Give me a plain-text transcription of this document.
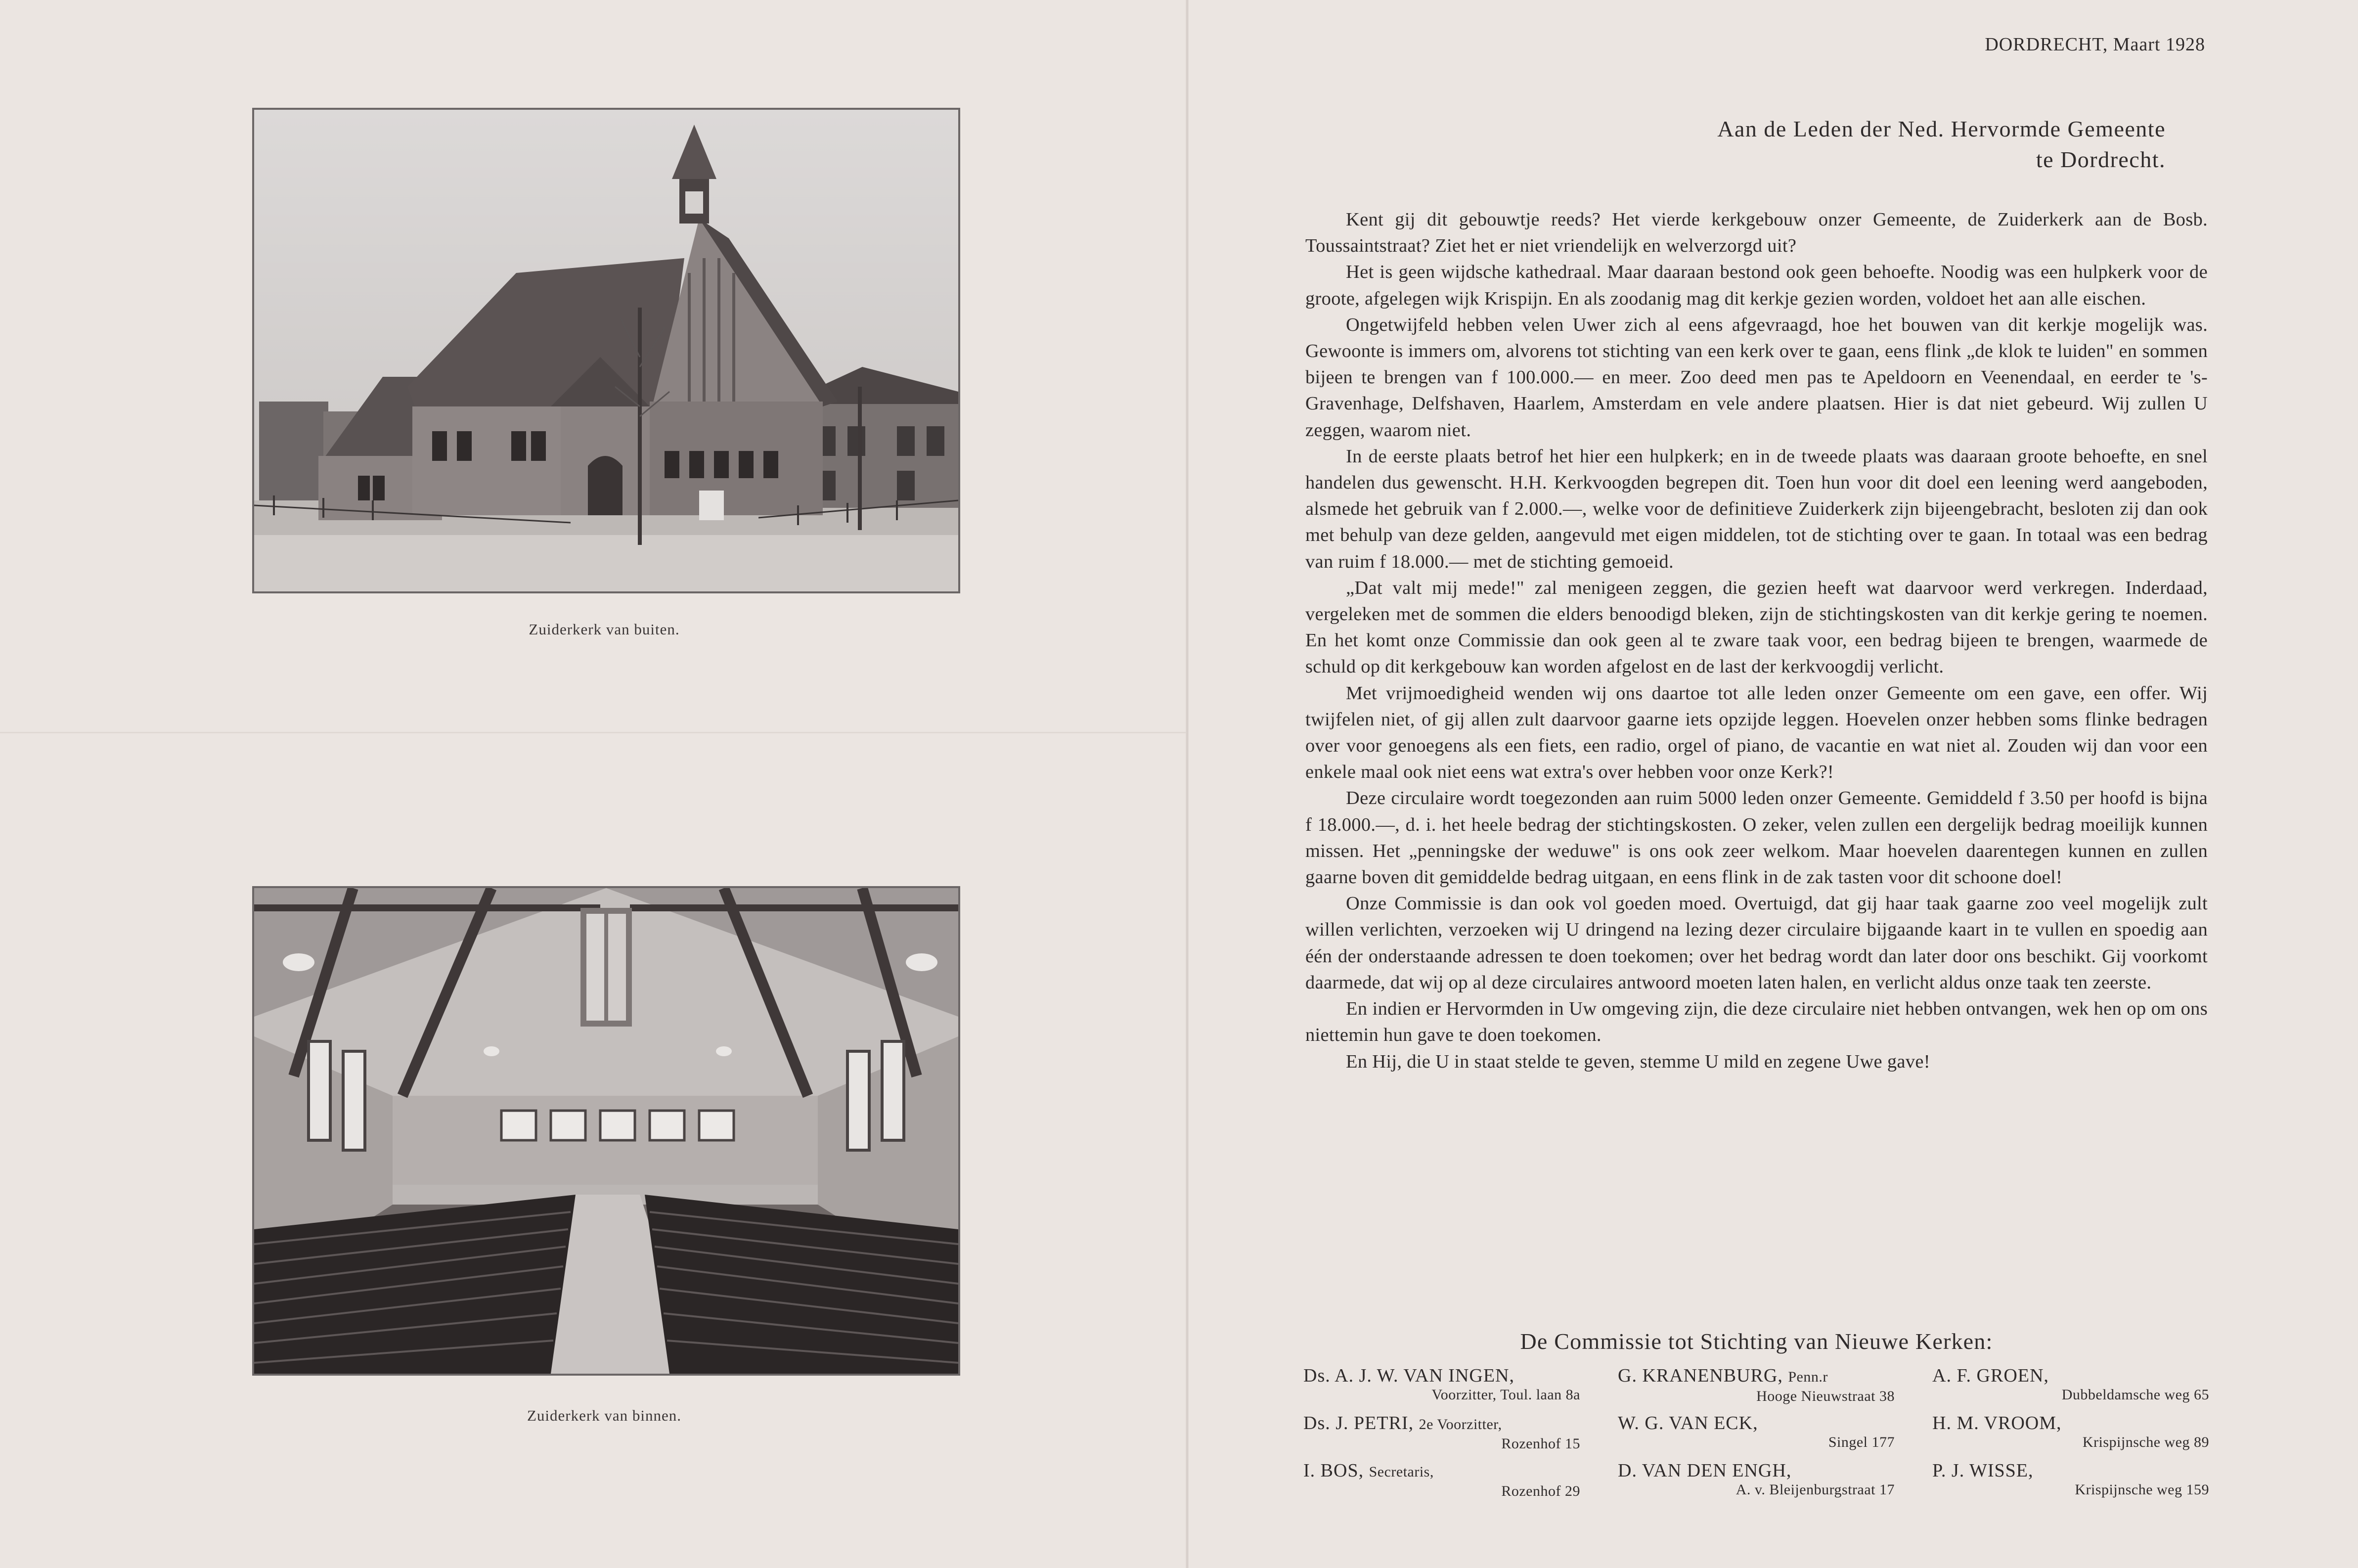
Zuiderkerk van buiten.
Zuiderkerk van binnen.
DORDRECHT, Maart 1928
Aan de Leden der Ned. Hervormde Gemeente
te Dordrecht.

Kent gij dit gebouwtje reeds? Het vierde kerkgebouw onzer Gemeente, de Zuiderkerk aan de Bosb. Toussaintstraat? Ziet het er niet vriendelijk en welverzorgd uit?

Het is geen wijdsche kathedraal. Maar daaraan bestond ook geen behoefte. Noodig was een hulpkerk voor de groote, afgelegen wijk Krispijn. En als zoodanig mag dit kerkje gezien worden, voldoet het aan alle eischen.

Ongetwijfeld hebben velen Uwer zich al eens afgevraagd, hoe het bouwen van dit kerkje mogelijk was. Gewoonte is immers om, alvorens tot stichting van een kerk over te gaan, eens flink „de klok te luiden" en sommen bijeen te brengen van f 100.000.— en meer. Zoo deed men pas te Apeldoorn en Veenendaal, en eerder te 's-Gravenhage, Delfshaven, Haarlem, Amsterdam en vele andere plaatsen. Hier is dat niet gebeurd. Wij zullen U zeggen, waarom niet.

In de eerste plaats betrof het hier een hulpkerk; en in de tweede plaats was daaraan groote behoefte, en snel handelen dus gewenscht. H.H. Kerkvoogden begrepen dit. Toen hun voor dit doel een leening werd aangeboden, alsmede het gebruik van f 2.000.—, welke voor de definitieve Zuiderkerk zijn bijeengebracht, besloten zij dan ook met behulp van deze gelden, aangevuld met eigen middelen, tot de stichting over te gaan. In totaal was een bedrag van ruim f 18.000.— met de stichting gemoeid.

„Dat valt mij mede!" zal menigeen zeggen, die gezien heeft wat daarvoor werd verkregen. Inderdaad, vergeleken met de sommen die elders benoodigd bleken, zijn de stichtingskosten van dit kerkje gering te noemen. En het komt onze Commissie dan ook geen al te zware taak voor, een bedrag bijeen te brengen, waarmede de schuld op dit kerkgebouw kan worden afgelost en de last der kerkvoogdij verlicht.

Met vrijmoedigheid wenden wij ons daartoe tot alle leden onzer Gemeente om een gave, een offer. Wij twijfelen niet, of gij allen zult daarvoor gaarne iets opzijde leggen. Hoevelen onzer hebben soms flinke bedragen over voor genoegens als een fiets, een radio, orgel of piano, de vacantie en wat niet al. Zouden wij dan voor een enkele maal ook niet eens wat extra's over hebben voor onze Kerk?!

Deze circulaire wordt toegezonden aan ruim 5000 leden onzer Gemeente. Gemiddeld f 3.50 per hoofd is bijna f 18.000.—, d. i. het heele bedrag der stichtingskosten. O zeker, velen zullen een dergelijk bedrag moeilijk kunnen missen. Het „penningske der weduwe" is ons ook zeer welkom. Maar hoevelen daarentegen kunnen en zullen gaarne boven dit gemiddelde bedrag uitgaan, en eens flink in de zak tasten voor dit schoone doel!

Onze Commissie is dan ook vol goeden moed. Overtuigd, dat gij haar taak gaarne zoo veel mogelijk zult willen verlichten, verzoeken wij U dringend na lezing dezer circulaire bijgaande kaart in te vullen en spoedig aan één der onderstaande adressen te doen toekomen; over het bedrag wordt dan later door ons beschikt. Gij voorkomt daarmede, dat wij op al deze circulaires antwoord moeten laten halen, en verlicht aldus onze taak ten zeerste.

En indien er Hervormden in Uw omgeving zijn, die deze circulaire niet hebben ontvangen, wek hen op om ons niettemin hun gave te doen toekomen.

En Hij, die U in staat stelde te geven, stemme U mild en zegene Uwe gave!

De Commissie tot Stichting van Nieuwe Kerken:
Ds. A. J. W. VAN INGEN,
Voorzitter, Toul. laan 8a
Ds. J. PETRI, 2e Voorzitter,
Rozenhof 15
I. BOS, Secretaris,
Rozenhof 29
G. KRANENBURG, Penn.r
Hooge Nieuwstraat 38
W. G. VAN ECK,
Singel 177
D. VAN DEN ENGH,
A. v. Bleijenburgstraat 17
A. F. GROEN,
Dubbeldamsche weg 65
H. M. VROOM,
Krispijnsche weg 89
P. J. WISSE,
Krispijnsche weg 159
